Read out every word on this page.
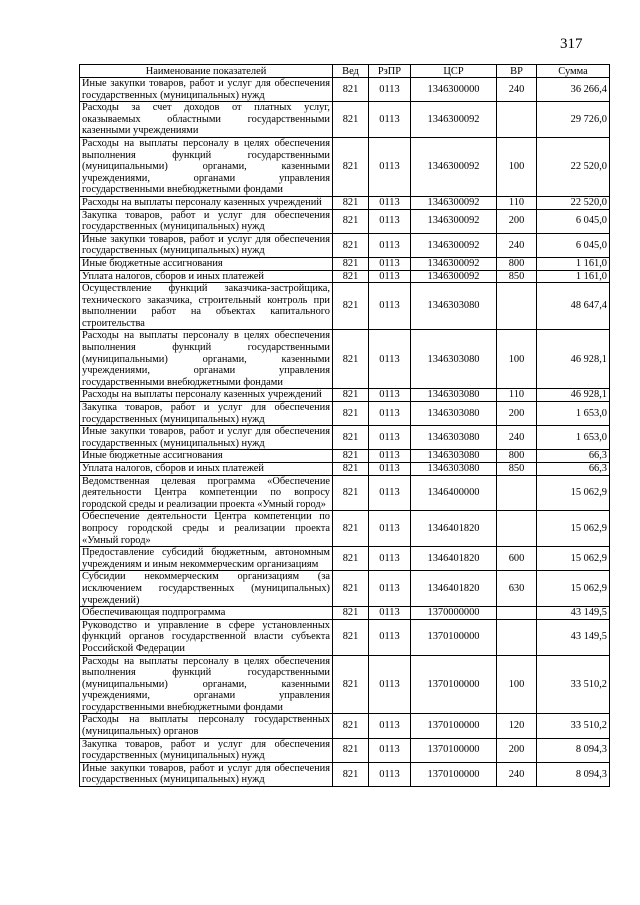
317
Наименование показателей	Вед	РзПР	ЦСР	ВР	Сумма
Иные закупки товаров, работ и услуг для обеспечения государственных (муниципальных) нужд	821	0113	1346300000	240	36 266,4
Расходы за счет доходов от платных услуг, оказываемых областными государственными казенными учреждениями	821	0113	1346300092		29 726,0
Расходы на выплаты персоналу в целях обеспечения выполнения функций государственными (муниципальными) органами, казенными учреждениями, органами управления государственными внебюджетными фондами	821	0113	1346300092	100	22 520,0
Расходы на выплаты персоналу казенных учреждений	821	0113	1346300092	110	22 520,0
Закупка товаров, работ и услуг для обеспечения государственных (муниципальных) нужд	821	0113	1346300092	200	6 045,0
Иные закупки товаров, работ и услуг для обеспечения государственных (муниципальных) нужд	821	0113	1346300092	240	6 045,0
Иные бюджетные ассигнования	821	0113	1346300092	800	1 161,0
Уплата налогов, сборов и иных платежей	821	0113	1346300092	850	1 161,0
Осуществление функций заказчика-застройщика, технического заказчика, строительный контроль при выполнении работ на объектах капитального строительства	821	0113	1346303080		48 647,4
Расходы на выплаты персоналу в целях обеспечения выполнения функций государственными (муниципальными) органами, казенными учреждениями, органами управления государственными внебюджетными фондами	821	0113	1346303080	100	46 928,1
Расходы на выплаты персоналу казенных учреждений	821	0113	1346303080	110	46 928,1
Закупка товаров, работ и услуг для обеспечения государственных (муниципальных) нужд	821	0113	1346303080	200	1 653,0
Иные закупки товаров, работ и услуг для обеспечения государственных (муниципальных) нужд	821	0113	1346303080	240	1 653,0
Иные бюджетные ассигнования	821	0113	1346303080	800	66,3
Уплата налогов, сборов и иных платежей	821	0113	1346303080	850	66,3
Ведомственная целевая программа «Обеспечение деятельности Центра компетенции по вопросу городской среды и реализации проекта «Умный город»	821	0113	1346400000		15 062,9
Обеспечение деятельности Центра компетенции по вопросу городской среды и реализации проекта «Умный город»	821	0113	1346401820		15 062,9
Предоставление субсидий бюджетным, автономным учреждениям и иным некоммерческим организациям	821	0113	1346401820	600	15 062,9
Субсидии некоммерческим организациям (за исключением государственных (муниципальных) учреждений)	821	0113	1346401820	630	15 062,9
Обеспечивающая подпрограмма	821	0113	1370000000		43 149,5
Руководство и управление в сфере установленных функций органов государственной власти субъекта Российской Федерации	821	0113	1370100000		43 149,5
Расходы на выплаты персоналу в целях обеспечения выполнения функций государственными (муниципальными) органами, казенными учреждениями, органами управления государственными внебюджетными фондами	821	0113	1370100000	100	33 510,2
Расходы на выплаты персоналу государственных (муниципальных) органов	821	0113	1370100000	120	33 510,2
Закупка товаров, работ и услуг для обеспечения государственных (муниципальных) нужд	821	0113	1370100000	200	8 094,3
Иные закупки товаров, работ и услуг для обеспечения государственных (муниципальных) нужд	821	0113	1370100000	240	8 094,3
